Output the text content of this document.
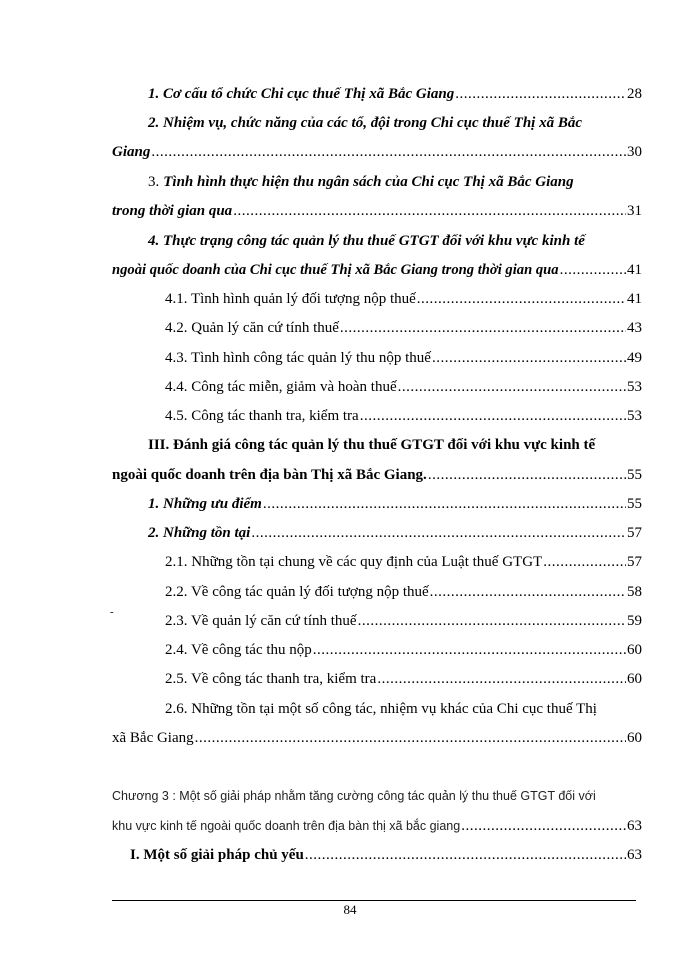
1. Cơ cấu tổ chức Chi cục thuế Thị xã Bắc Giang .....	28
2. Nhiệm vụ, chức năng của các tổ, đội trong Chi cục thuế Thị xã Bắc
Giang .....	30
3. Tình hình thực hiện thu ngân sách của Chi cục Thị xã Bắc Giang
trong thời gian qua .....	31
4. Thực trạng công tác quản lý thu thuế GTGT đối với khu vực kinh tế
ngoài quốc doanh của Chi cục thuế Thị xã Bắc Giang trong thời gian qua .....	41
4.1. Tình hình quản lý đối tượng nộp thuế .....	41
4.2. Quản lý căn cứ tính thuế .....	43
4.3. Tình hình công tác quản lý thu nộp thuế .....	49
4.4. Công tác miễn, giảm và hoàn thuế .....	53
4.5. Công tác thanh tra, kiểm tra .....	53
III. Đánh giá công tác quản lý thu thuế GTGT đối với khu vực kinh tế
ngoài quốc doanh trên địa bàn Thị xã Bắc Giang. .....	55
1. Những ưu điểm .....	55
2. Những tồn tại .....	57
2.1. Những tồn tại chung về các quy định của Luật thuế GTGT .....	57
2.2. Về công tác quản lý đối tượng nộp thuế .....	58
2.3. Về quản lý căn cứ tính thuế .....	59
2.4. Về công tác thu nộp .....	60
2.5. Về công tác thanh tra, kiểm tra .....	60
2.6. Những tồn tại một số công tác, nhiệm vụ khác của Chi cục thuế Thị
xã Bắc Giang .....	60
Chương 3 : Một số giải pháp nhằm tăng cường công tác quản lý thu thuế GTGT đối với
khu vực kinh tế ngoài quốc doanh trên địa bàn thị xã bắc giang .....	63
I. Một số giải pháp chủ yếu .....	63
-
84
